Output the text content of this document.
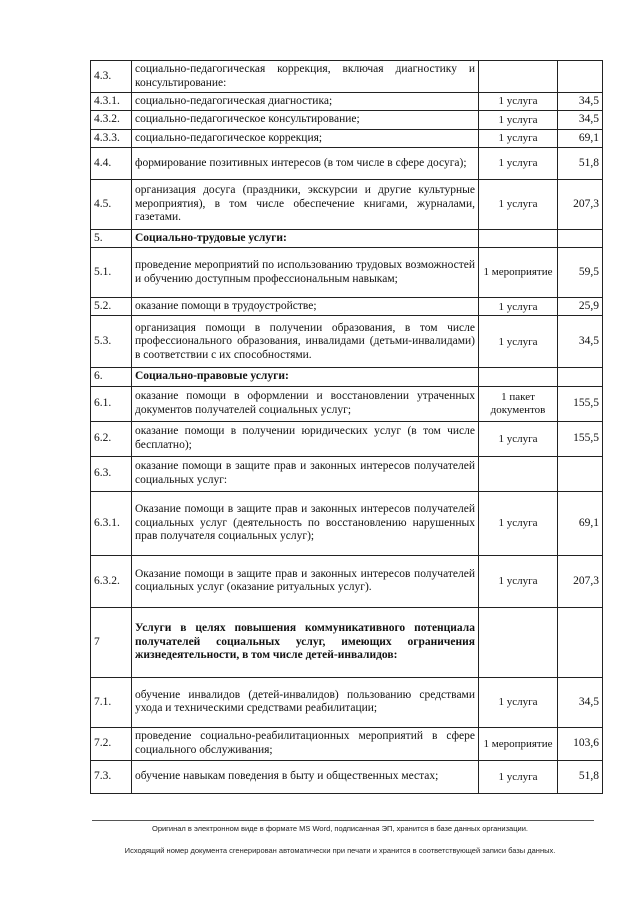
4.3.	социально-педагогическая коррекция, включая диагностику и консультирование:		
4.3.1.	социально-педагогическая диагностика;	1 услуга	34,5
4.3.2.	социально-педагогическое консультирование;	1 услуга	34,5
4.3.3.	социально-педагогическое коррекция;	1 услуга	69,1
4.4.	формирование позитивных интересов (в том числе в сфере досуга);	1 услуга	51,8
4.5.	организация досуга (праздники, экскурсии и другие культурные мероприятия), в том числе обеспечение книгами, журналами, газетами.	1 услуга	207,3
5.	Социально-трудовые услуги:		
5.1.	проведение мероприятий по использованию трудовых возможностей и обучению доступным профессиональным навыкам;	1 мероприятие	59,5
5.2.	оказание помощи в трудоустройстве;	1 услуга	25,9
5.3.	организация помощи в получении образования, в том числе профессионального образования, инвалидами (детьми-инвалидами) в соответствии с их способностями.	1 услуга	34,5
6.	Социально-правовые услуги:		
6.1.	оказание помощи в оформлении и восстановлении утраченных документов получателей социальных услуг;	1 пакет документов	155,5
6.2.	оказание помощи в получении юридических услуг (в том числе бесплатно);	1 услуга	155,5
6.3.	оказание помощи в защите прав и законных интересов получателей социальных услуг:		
6.3.1.	Оказание помощи в защите прав и законных интересов получателей социальных услуг (деятельность по восстановлению нарушенных прав получателя социальных услуг);	1 услуга	69,1
6.3.2.	Оказание помощи в защите прав и законных интересов получателей социальных услуг (оказание ритуальных услуг).	1 услуга	207,3
7	Услуги в целях повышения коммуникативного потенциала получателей социальных услуг, имеющих ограничения жизнедеятельности, в том числе детей-инвалидов:		
7.1.	обучение инвалидов (детей-инвалидов) пользованию средствами ухода и техническими средствами реабилитации;	1 услуга	34,5
7.2.	проведение социально-реабилитационных мероприятий в сфере социального обслуживания;	1 мероприятие	103,6
7.3.	обучение навыкам поведения в быту и общественных местах;	1 услуга	51,8
Оригинал в электронном виде в формате MS Word, подписанная ЭП, хранится в базе данных организации.
Исходящий номер документа сгенерирован автоматически при печати и хранится в соответствующей записи базы данных.
